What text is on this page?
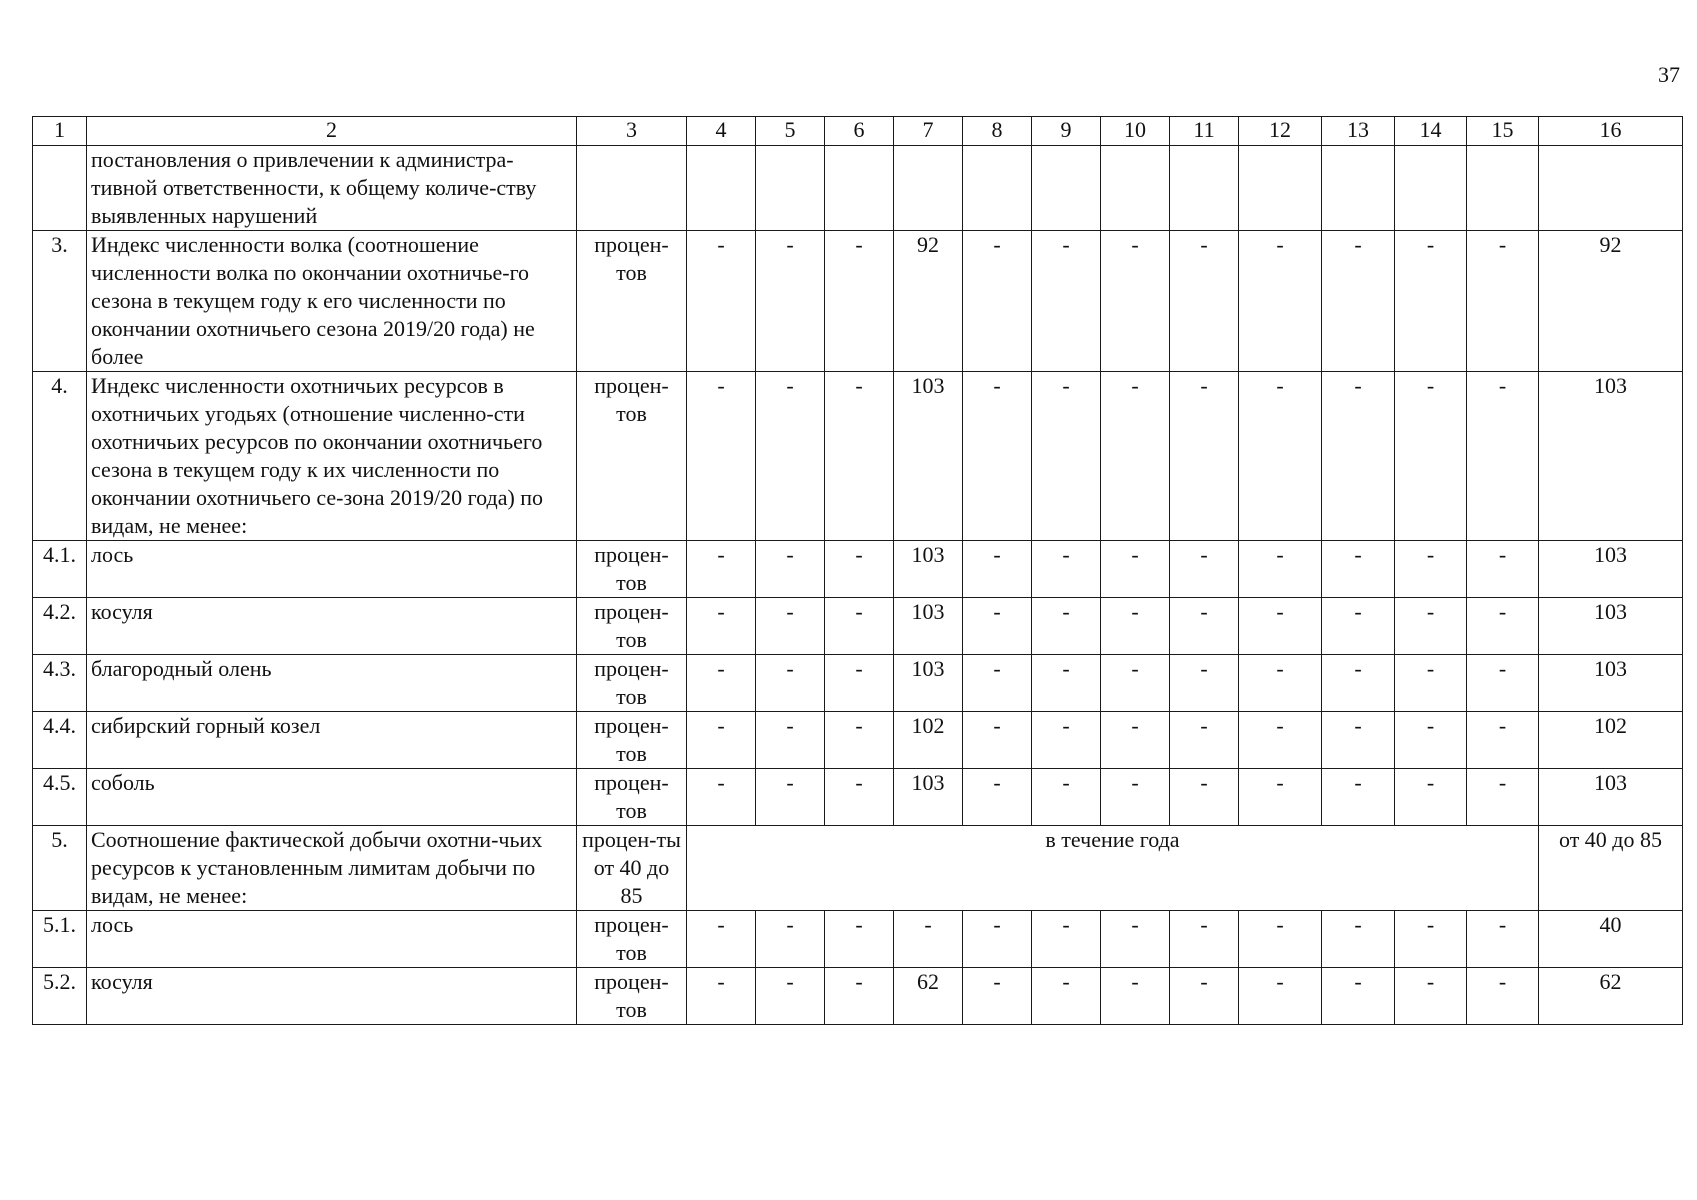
37
1	2	3	4	5	6	7	8	9	10	11	12	13	14	15	16
	постановления о привлечении к администра-тивной ответственности, к общему количе-ству выявленных нарушений														
3.	Индекс численности волка (соотношение численности волка по окончании охотничье-го сезона в текущем году к его численности по окончании охотничьего сезона 2019/20 года) не более	процен-тов	-	-	-	92	-	-	-	-	-	-	-	-	92
4.	Индекс численности охотничьих ресурсов в охотничьих угодьях (отношение численно-сти охотничьих ресурсов по окончании охотничьего сезона в текущем году к их численности по окончании охотничьего се-зона 2019/20 года) по видам, не менее:	процен-тов	-	-	-	103	-	-	-	-	-	-	-	-	103
4.1.	лось	процен-тов	-	-	-	103	-	-	-	-	-	-	-	-	103
4.2.	косуля	процен-тов	-	-	-	103	-	-	-	-	-	-	-	-	103
4.3.	благородный олень	процен-тов	-	-	-	103	-	-	-	-	-	-	-	-	103
4.4.	сибирский горный козел	процен-тов	-	-	-	102	-	-	-	-	-	-	-	-	102
4.5.	соболь	процен-тов	-	-	-	103	-	-	-	-	-	-	-	-	103
5.	Соотношение фактической добычи охотни-чьих ресурсов к установленным лимитам добычи по видам, не менее:	процен-ты от 40 до 85	в течение года												от 40 до 85
5.1.	лось	процен-тов	-	-	-	-	-	-	-	-	-	-	-	-	40
5.2.	косуля	процен-тов	-	-	-	62	-	-	-	-	-	-	-	-	62
